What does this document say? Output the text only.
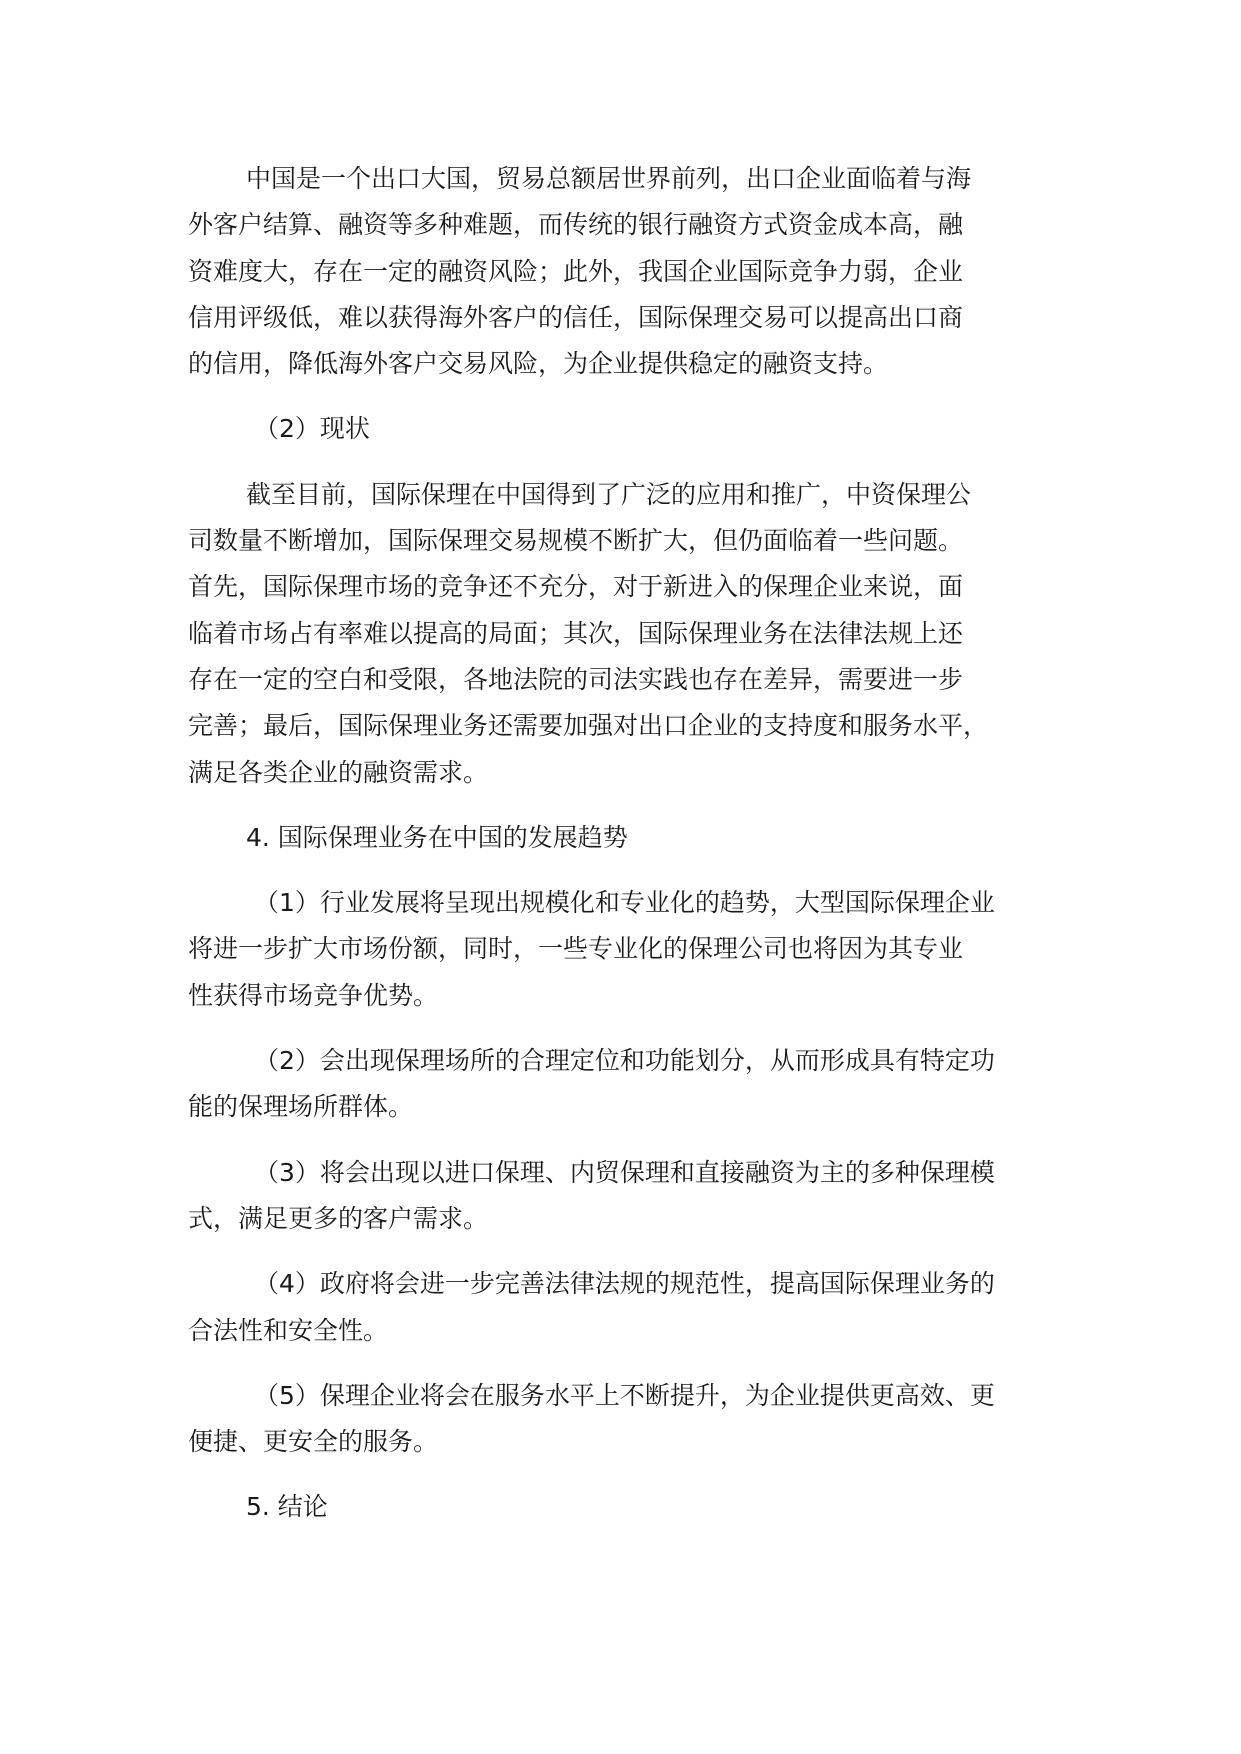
中国是一个出口大国，贸易总额居世界前列，出口企业面临着与海
外客户结算、融资等多种难题，而传统的银行融资方式资金成本高，融
资难度大，存在一定的融资风险；此外，我国企业国际竞争力弱，企业
信用评级低，难以获得海外客户的信任，国际保理交易可以提高出口商
的信用，降低海外客户交易风险，为企业提供稳定的融资支持。
（2）现状
截至目前，国际保理在中国得到了广泛的应用和推广，中资保理公
司数量不断增加，国际保理交易规模不断扩大，但仍面临着一些问题。
首先，国际保理市场的竞争还不充分，对于新进入的保理企业来说，面
临着市场占有率难以提高的局面；其次，国际保理业务在法律法规上还
存在一定的空白和受限，各地法院的司法实践也存在差异，需要进一步
完善；最后，国际保理业务还需要加强对出口企业的支持度和服务水平，
满足各类企业的融资需求。
4. 国际保理业务在中国的发展趋势
（1）行业发展将呈现出规模化和专业化的趋势，大型国际保理企业
将进一步扩大市场份额，同时，一些专业化的保理公司也将因为其专业
性获得市场竞争优势。
（2）会出现保理场所的合理定位和功能划分，从而形成具有特定功
能的保理场所群体。
（3）将会出现以进口保理、内贸保理和直接融资为主的多种保理模
式，满足更多的客户需求。
（4）政府将会进一步完善法律法规的规范性，提高国际保理业务的
合法性和安全性。
（5）保理企业将会在服务水平上不断提升，为企业提供更高效、更
便捷、更安全的服务。
5. 结论
